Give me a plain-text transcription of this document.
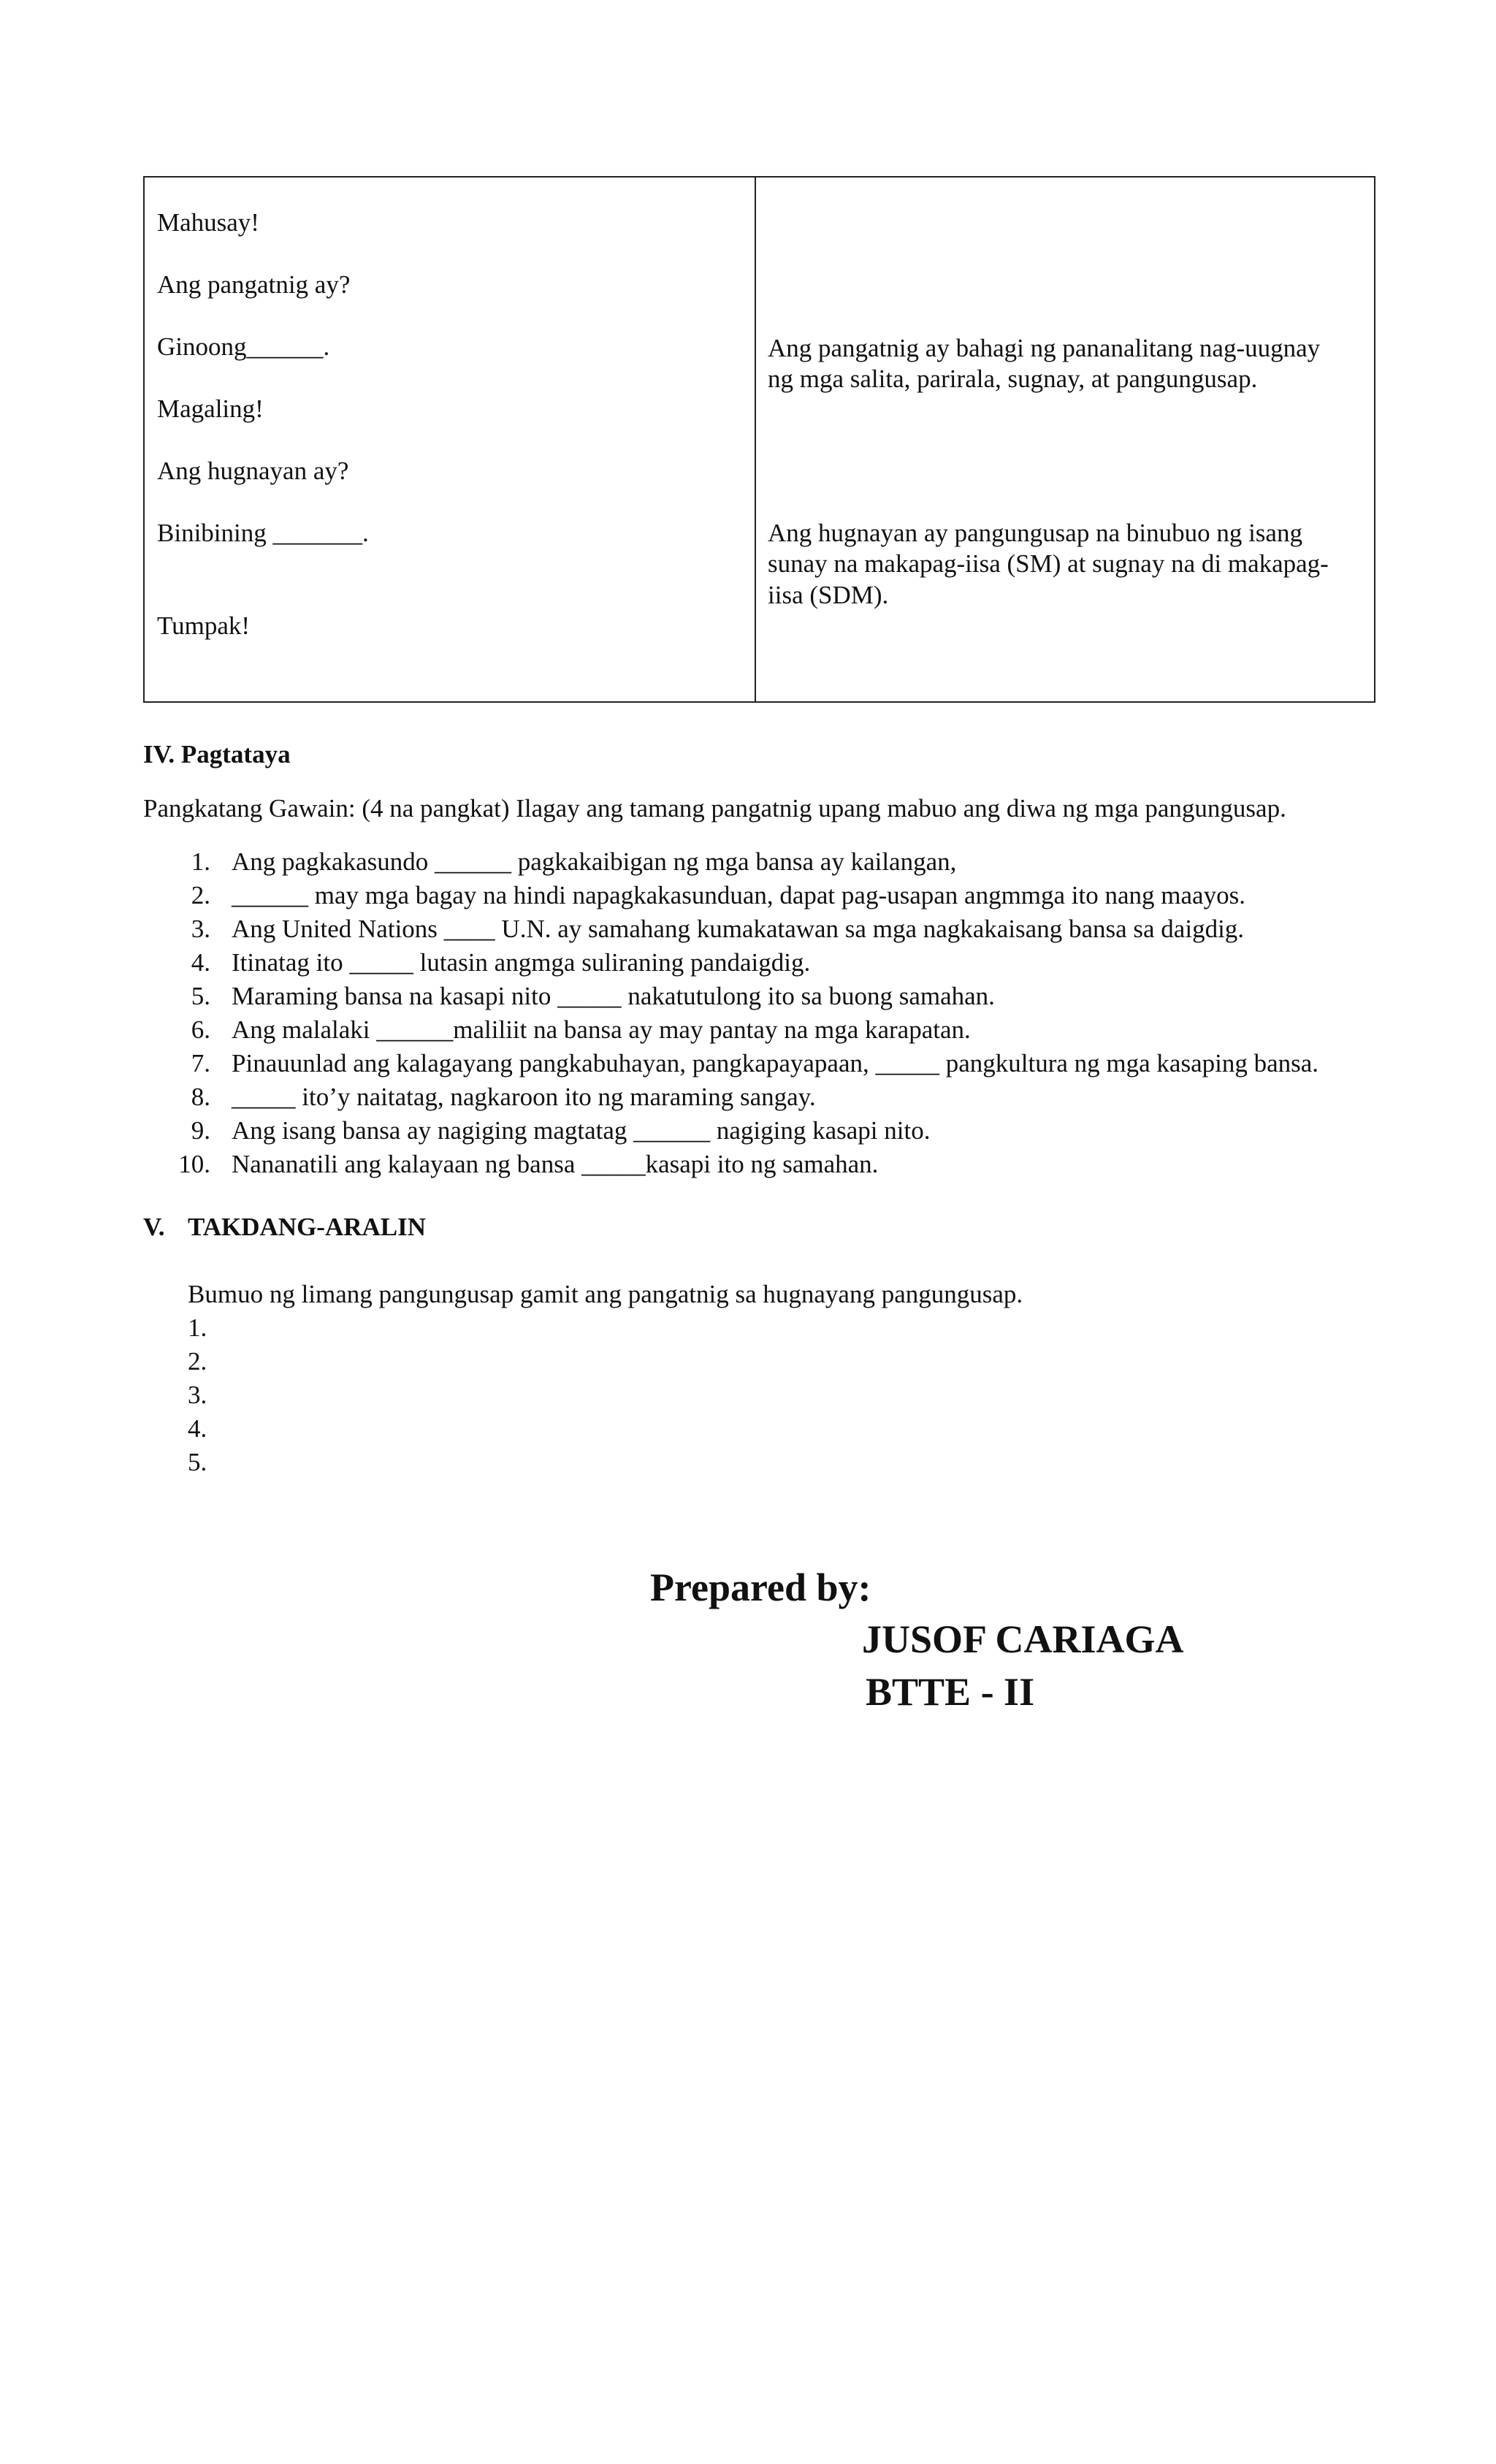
Mahusay!
Ang pangatnig ay?
Ginoong______.
Magaling!
Ang hugnayan ay?
Binibining _______.
Tumpak!
Ang pangatnig ay bahagi ng pananalitang nag-uugnay
ng mga salita, parirala, sugnay, at pangungusap.
Ang hugnayan ay pangungusap na binubuo ng isang
sunay na makapag-iisa (SM) at sugnay na di makapag-
iisa (SDM).
IV. Pagtataya
Pangkatang Gawain: (4 na pangkat) Ilagay ang tamang pangatnig upang mabuo ang diwa ng mga pangungusap.
1. Ang pagkakasundo ______ pagkakaibigan ng mga bansa ay kailangan,
2. ______ may mga bagay na hindi napagkakasunduan, dapat pag-usapan angmmga ito nang maayos.
3. Ang United Nations ____ U.N. ay samahang kumakatawan sa mga nagkakaisang bansa sa daigdig.
4. Itinatag ito _____ lutasin angmga suliraning pandaigdig.
5. Maraming bansa na kasapi nito _____ nakatutulong ito sa buong samahan.
6. Ang malalaki ______maliliit na bansa ay may pantay na mga karapatan.
7. Pinauunlad ang kalagayang pangkabuhayan, pangkapayapaan, _____ pangkultura ng mga kasaping bansa.
8. _____ ito’y naitatag, nagkaroon ito ng maraming sangay.
9. Ang isang bansa ay nagiging magtatag ______ nagiging kasapi nito.
10. Nananatili ang kalayaan ng bansa _____kasapi ito ng samahan.
V. TAKDANG-ARALIN
Bumuo ng limang pangungusap gamit ang pangatnig sa hugnayang pangungusap.
1.
2.
3.
4.
5.
Prepared by:
JUSOF CARIAGA
BTTE - II
